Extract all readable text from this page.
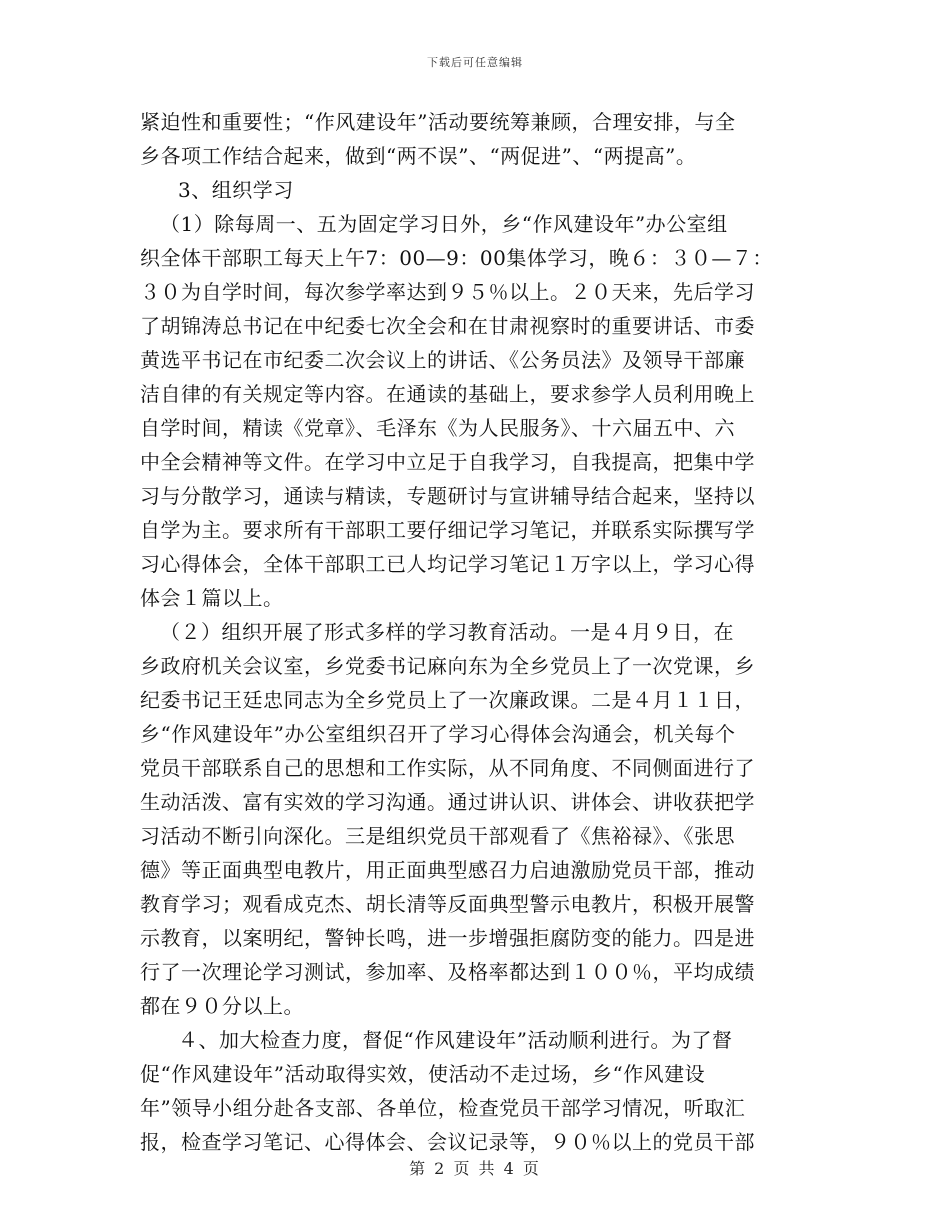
下载后可任意编辑
紧迫性和重要性；“作风建设年”活动要统筹兼顾，合理安排，与全
乡各项工作结合起来，做到“两不误”、“两促进”、“两提高”。
3、组织学习
（1）除每周一、五为固定学习日外，乡“作风建设年”办公室组
织全体干部职工每天上午7：00—9：00集体学习，晚６：３０—７：
３０为自学时间，每次参学率达到９５％以上。２０天来，先后学习
了胡锦涛总书记在中纪委七次全会和在甘肃视察时的重要讲话、市委
黄选平书记在市纪委二次会议上的讲话、《公务员法》及领导干部廉
洁自律的有关规定等内容。在通读的基础上，要求参学人员利用晚上
自学时间，精读《党章》、毛泽东《为人民服务》、十六届五中、六
中全会精神等文件。在学习中立足于自我学习，自我提高，把集中学
习与分散学习，通读与精读，专题研讨与宣讲辅导结合起来，坚持以
自学为主。要求所有干部职工要仔细记学习笔记，并联系实际撰写学
习心得体会，全体干部职工已人均记学习笔记１万字以上，学习心得
体会１篇以上。
（２）组织开展了形式多样的学习教育活动。一是４月９日，在
乡政府机关会议室，乡党委书记麻向东为全乡党员上了一次党课，乡
纪委书记王廷忠同志为全乡党员上了一次廉政课。二是４月１１日，
乡“作风建设年”办公室组织召开了学习心得体会沟通会，机关每个
党员干部联系自己的思想和工作实际，从不同角度、不同侧面进行了
生动活泼、富有实效的学习沟通。通过讲认识、讲体会、讲收获把学
习活动不断引向深化。三是组织党员干部观看了《焦裕禄》、《张思
德》等正面典型电教片，用正面典型感召力启迪激励党员干部，推动
教育学习；观看成克杰、胡长清等反面典型警示电教片，积极开展警
示教育，以案明纪，警钟长鸣，进一步增强拒腐防变的能力。四是进
行了一次理论学习测试，参加率、及格率都达到１００％，平均成绩
都在９０分以上。
４、加大检查力度，督促“作风建设年”活动顺利进行。为了督
促“作风建设年”活动取得实效，使活动不走过场，乡“作风建设
年”领导小组分赴各支部、各单位，检查党员干部学习情况，听取汇
报，检查学习笔记、心得体会、会议记录等，９０％以上的党员干部
第 2 页 共 4 页
